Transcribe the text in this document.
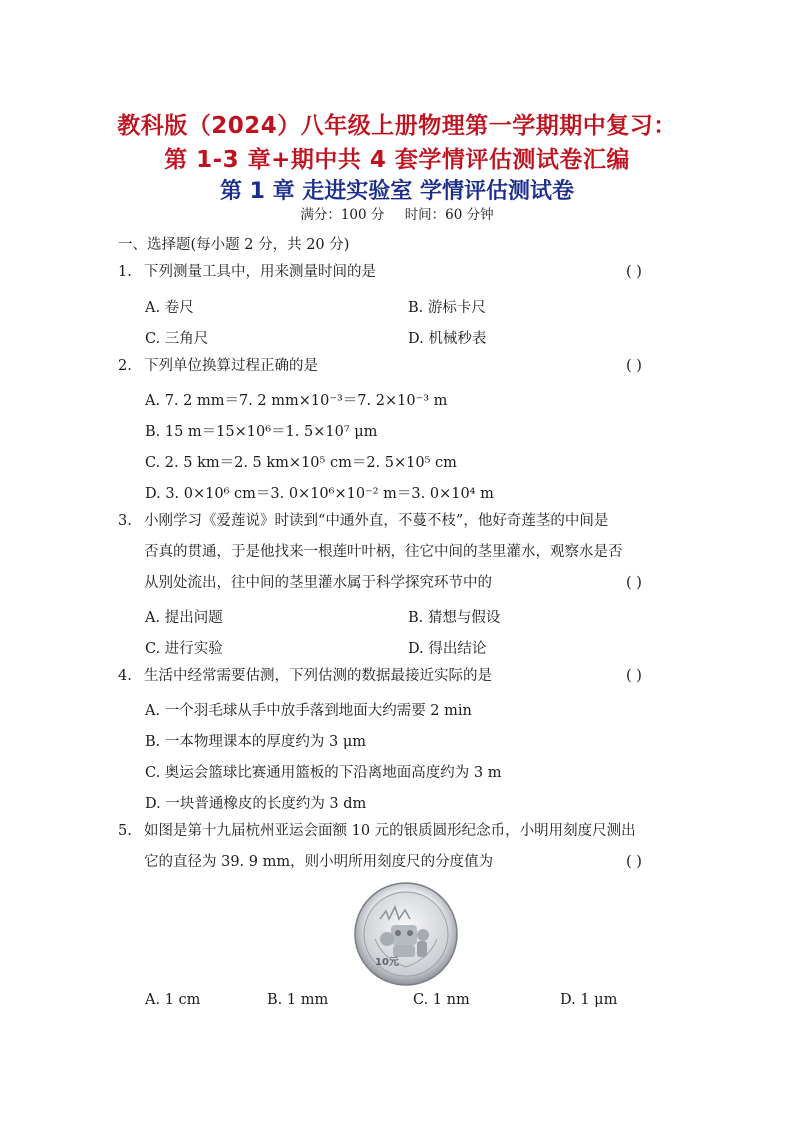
教科版（2024）八年级上册物理第一学期期中复习：
第 1-3 章+期中共 4 套学情评估测试卷汇编
第 1 章 走进实验室 学情评估测试卷
满分：100 分 时间：60 分钟
一、选择题(每小题 2 分，共 20 分)
1. 下列测量工具中，用来测量时间的是	( )
A. 卷尺	B. 游标卡尺
C. 三角尺	D. 机械秒表
2. 下列单位换算过程正确的是	( )
A. 7. 2 mm＝7. 2 mm×10⁻³＝7. 2×10⁻³ m
B. 15 m＝15×10⁶＝1. 5×10⁷ μm
C. 2. 5 km＝2. 5 km×10⁵ cm＝2. 5×10⁵ cm
D. 3. 0×10⁶ cm＝3. 0×10⁶×10⁻² m＝3. 0×10⁴ m
3. 小刚学习《爱莲说》时读到“中通外直，不蔓不枝”，他好奇莲茎的中间是
否真的贯通，于是他找来一根莲叶叶柄，往它中间的茎里灌水，观察水是否
从别处流出，往中间的茎里灌水属于科学探究环节中的	( )
A. 提出问题	B. 猜想与假设
C. 进行实验	D. 得出结论
4. 生活中经常需要估测，下列估测的数据最接近实际的是	( )
A. 一个羽毛球从手中放手落到地面大约需要 2 min
B. 一本物理课本的厚度约为 3 μm
C. 奥运会篮球比赛通用篮板的下沿离地面高度约为 3 m
D. 一块普通橡皮的长度约为 3 dm
5. 如图是第十九届杭州亚运会面额 10 元的银质圆形纪念币，小明用刻度尺测出
它的直径为 39. 9 mm，则小明所用刻度尺的分度值为	( )
10元
A. 1 cm	B. 1 mm	C. 1 nm	D. 1 μm
